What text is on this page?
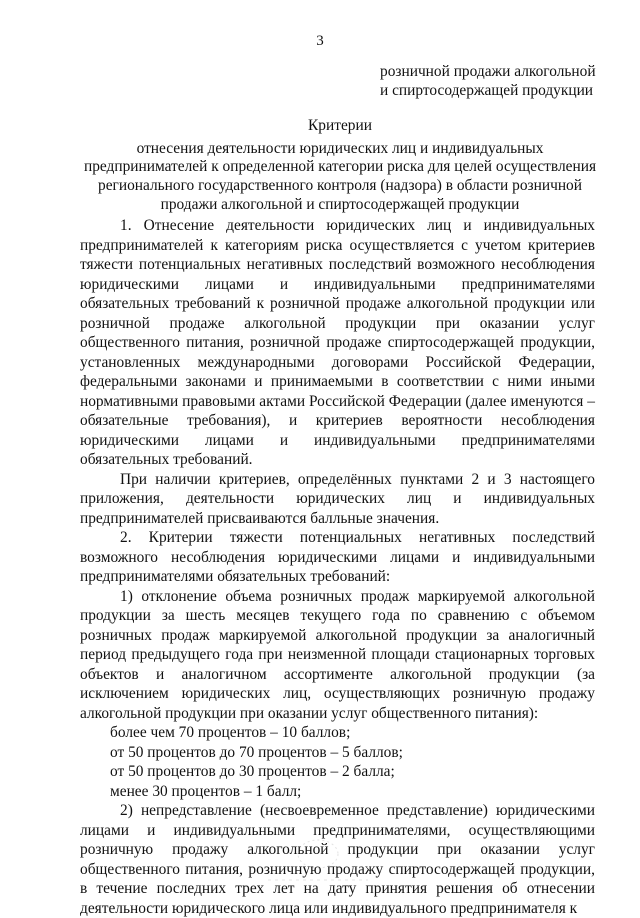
3
розничной продажи алкогольной
и спиртосодержащей продукции
Критерии
отнесения деятельности юридических лиц и индивидуальных
предпринимателей к определенной категории риска для целей осуществления
регионального государственного контроля (надзора) в области розничной
продажи алкогольной и спиртосодержащей продукции

1. Отнесение деятельности юридических лиц и индивидуальных предпринимателей к категориям риска осуществляется с учетом критериев тяжести потенциальных негативных последствий возможного несоблюдения юридическими лицами и индивидуальными предпринимателями обязательных требований к розничной продаже алкогольной продукции или розничной продаже алкогольной продукции при оказании услуг общественного питания, розничной продаже спиртосодержащей продукции, установленных международными договорами Российской Федерации, федеральными законами и принимаемыми в соответствии с ними иными нормативными правовыми актами Российской Федерации (далее именуются – обязательные требования), и критериев вероятности несоблюдения юридическими лицами и индивидуальными предпринимателями обязательных требований.

При наличии критериев, определённых пунктами 2 и 3 настоящего приложения, деятельности юридических лиц и индивидуальных предпринимателей присваиваются балльные значения.

2. Критерии тяжести потенциальных негативных последствий возможного несоблюдения юридическими лицами и индивидуальными предпринимателями обязательных требований:

1) отклонение объема розничных продаж маркируемой алкогольной продукции за шесть месяцев текущего года по сравнению с объемом розничных продаж маркируемой алкогольной продукции за аналогичный период предыдущего года при неизменной площади стационарных торговых объектов и аналогичном ассортименте алкогольной продукции (за исключением юридических лиц, осуществляющих розничную продажу алкогольной продукции при оказании услуг общественного питания):

более чем 70 процентов – 10 баллов;

от 50 процентов до 70 процентов – 5 баллов;

от 50 процентов до 30 процентов – 2 балла;

менее 30 процентов – 1 балл;

2) непредставление (несвоевременное представление) юридическими лицами и индивидуальными предпринимателями, осуществляющими розничную продажу алкогольной продукции при оказании услуг общественного питания, розничную продажу спиртосодержащей продукции, в течение последних трех лет на дату принятия решения об отнесении деятельности юридического лица или индивидуального предпринимателя к
